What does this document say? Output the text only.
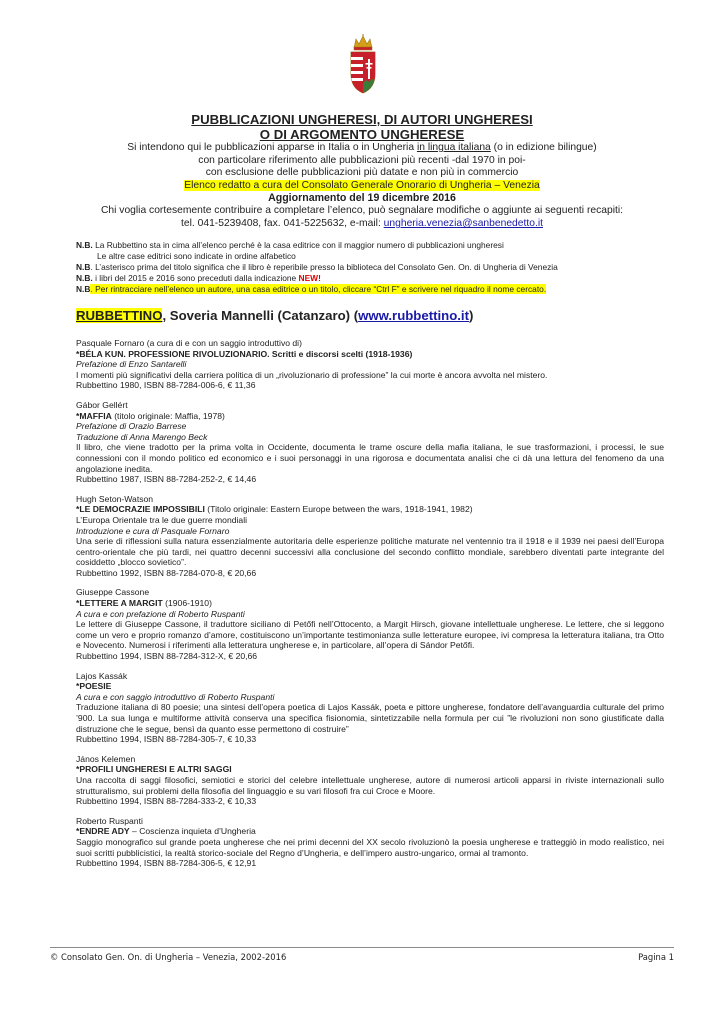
PUBBLICAZIONI UNGHERESI, DI AUTORI UNGHERESI

O DI ARGOMENTO UNGHERESE

Si intendono qui le pubblicazioni apparse in Italia o in Ungheria in lingua italiana (o in edizione bilingue)

con particolare riferimento alle pubblicazioni più recenti -dal 1970 in poi-

con esclusione delle pubblicazioni più datate e non più in commercio

Elenco redatto a cura del Consolato Generale Onorario di Ungheria – Venezia

Aggiornamento del 19 dicembre 2016

Chi voglia cortesemente contribuire a completare l’elenco, può segnalare modifiche o aggiunte ai seguenti recapiti:

tel. 041-5239408, fax. 041-5225632, e-mail: ungheria.venezia@sanbenedetto.it

N.B. La Rubbettino sta in cima all’elenco perché è la casa editrice con il maggior numero di pubblicazioni ungheresi
Le altre case editrici sono indicate in ordine alfabetico
N.B. L’asterisco prima del titolo significa che il libro è reperibile presso la biblioteca del Consolato Gen. On. di Ungheria di Venezia
N.B. i libri del 2015 e 2016 sono preceduti dalla indicazione NEW!
N.B. Per rintracciare nell’elenco un autore, una casa editrice o un titolo, cliccare “Ctrl F” e scrivere nel riquadro il nome cercato.
RUBBETTINO, Soveria Mannelli (Catanzaro) (www.rubbettino.it)

Pasquale Fornaro (a cura di e con un saggio introduttivo di)

*BÉLA KUN. PROFESSIONE RIVOLUZIONARIO. Scritti e discorsi scelti (1918-1936)

Prefazione di Enzo Santarelli

I momenti più significativi della carriera politica di un „rivoluzionario di professione” la cui morte è ancora avvolta nel mistero.

Rubbettino 1980, ISBN 88-7284-006-6, € 11,36

Gábor Gellért

*MAFFIA (titolo originale: Maffia, 1978)

Prefazione di Orazio Barrese

Traduzione di Anna Marengo Beck

Il libro, che viene tradotto per la prima volta in Occidente, documenta le trame oscure della mafia italiana, le sue trasformazioni, i processi, le sue connessioni con il mondo politico ed economico e i suoi personaggi in una rigorosa e documentata analisi che ci dà una lettura del fenomeno da una angolazione inedita.

Rubbettino 1987, ISBN 88-7284-252-2, € 14,46

Hugh Seton-Watson

*LE DEMOCRAZIE IMPOSSIBILI (Titolo originale: Eastern Europe between the wars, 1918-1941, 1982)

L’Europa Orientale tra le due guerre mondiali

Introduzione e cura di Pasquale Fornaro

Una serie di riflessioni sulla natura essenzialmente autoritaria delle esperienze politiche maturate nel ventennio tra il 1918 e il 1939 nei paesi dell’Europa centro-orientale che più tardi, nei quattro decenni successivi alla conclusione del secondo conflitto mondiale, sarebbero diventati parte integrante del cosiddetto „blocco sovietico”.

Rubbettino 1992, ISBN 88-7284-070-8, € 20,66

Giuseppe Cassone

*LETTERE A MARGIT (1906-1910)

A cura e con prefazione di Roberto Ruspanti

Le lettere di Giuseppe Cassone, il traduttore siciliano di Petőfi nell’Ottocento, a Margit Hirsch, giovane intellettuale ungherese. Le lettere, che si leggono come un vero e proprio romanzo d’amore, costituiscono un’importante testimonianza sulle letterature europee, ivi compresa la letteratura italiana, tra Otto e Novecento. Numerosi i riferimenti alla letteratura ungherese e, in particolare, all’opera di Sándor Petőfi.

Rubbettino 1994, ISBN 88-7284-312-X, € 20,66

Lajos Kassák

*POESIE

A cura e con saggio introduttivo di Roberto Ruspanti

Traduzione italiana di 80 poesie; una sintesi dell’opera poetica di Lajos Kassák, poeta e pittore ungherese, fondatore dell’avanguardia culturale del primo ’900. La sua lunga e multiforme attività conserva una specifica fisionomia, sintetizzabile nella formula per cui ”le rivoluzioni non sono giustificate dalla distruzione che le segue, bensì da quanto esse permettono di costruire”

Rubbettino 1994, ISBN 88-7284-305-7, € 10,33

János Kelemen

*PROFILI UNGHERESI E ALTRI SAGGI

Una raccolta di saggi filosofici, semiotici e storici del celebre intellettuale ungherese, autore di numerosi articoli apparsi in riviste internazionali sullo strutturalismo, sui problemi della filosofia del linguaggio e su vari filosofi fra cui Croce e Moore.

Rubbettino 1994, ISBN 88-7284-333-2, € 10,33

Roberto Ruspanti

*ENDRE ADY – Coscienza inquieta d’Ungheria

Saggio monografico sul grande poeta ungherese che nei primi decenni del XX secolo rivoluzionò la poesia ungherese e tratteggiò in modo realistico, nei suoi scritti pubblicistici, la realtà storico-sociale del Regno d’Ungheria, e dell’impero austro-ungarico, ormai al tramonto.

Rubbettino 1994, ISBN 88-7284-306-5, € 12,91

© Consolato Gen. On. di Ungheria – Venezia, 2002-2016	Pagina 1
